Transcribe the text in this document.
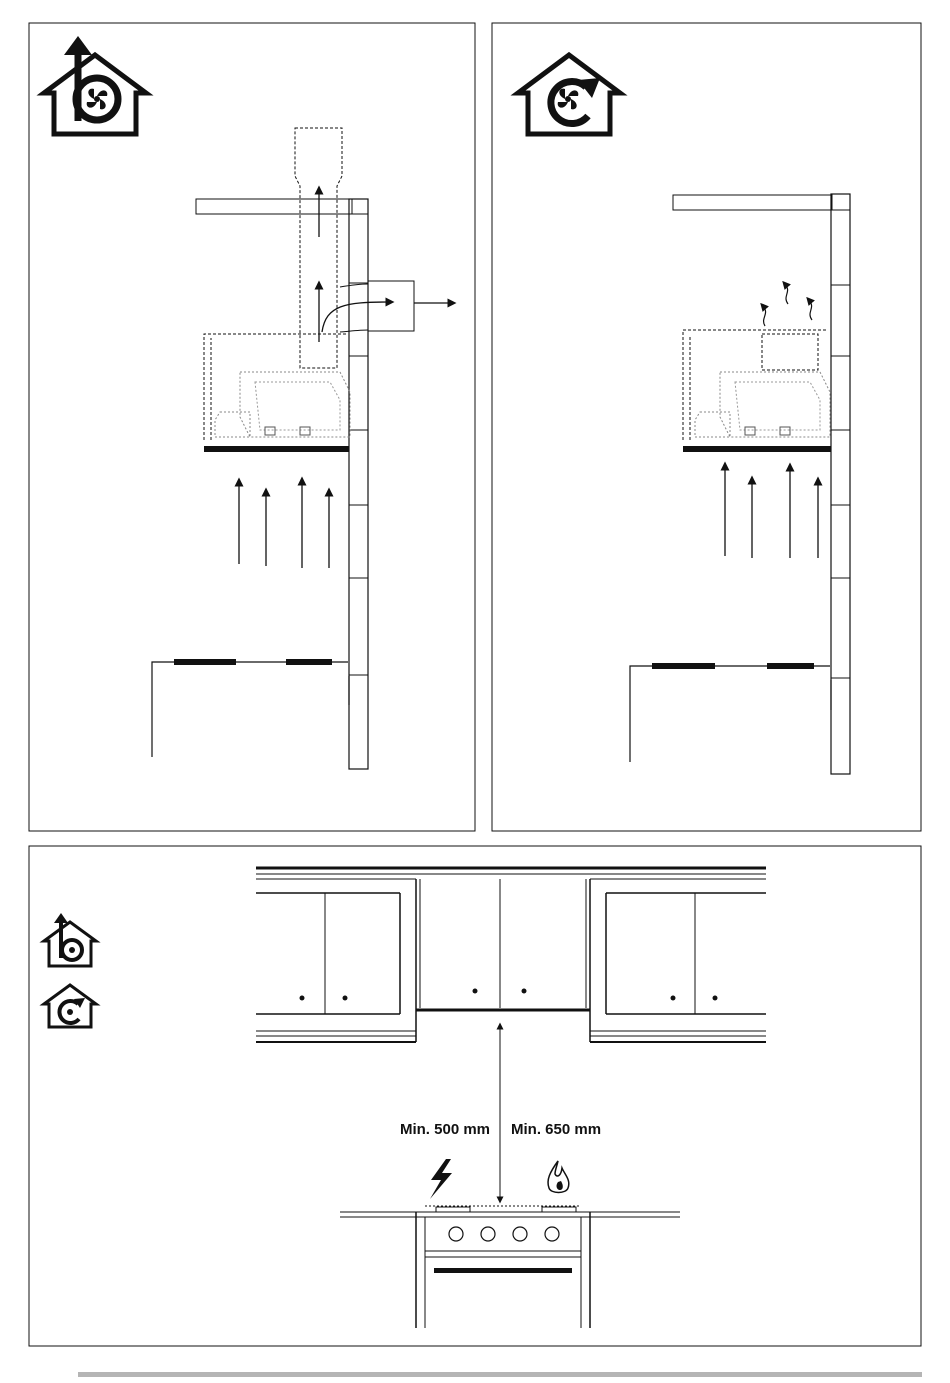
Min. 500 mm Min. 650 mm
